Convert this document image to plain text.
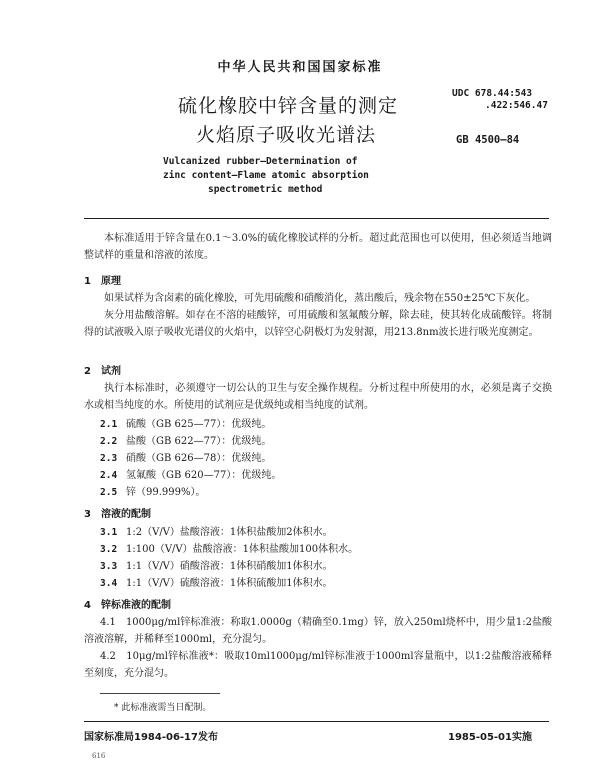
中华人民共和国国家标准
硫化橡胶中锌含量的测定
火焰原子吸收光谱法
UDC 678.44:543
.422:546.47
GB 4500—84
Vulcanized rubber—Determination of
zinc content—Flame atomic absorption
spectrometric method
本标准适用于锌含量在0.1～3.0%的硫化橡胶试样的分析。超过此范围也可以使用，但必须适当地调整试样的重量和溶液的浓度。
1　原理
如果试样为含卤素的硫化橡胶，可先用硫酸和硝酸消化，蒸出酸后，残余物在550±25℃下灰化。
灰分用盐酸溶解。如存在不溶的硅酸锌，可用硫酸和氢氟酸分解，除去硅，使其转化成硫酸锌。将制得的试液吸入原子吸收光谱仪的火焰中，以锌空心阴极灯为发射源，用213.8nm波长进行吸光度测定。
2　试剂
执行本标准时，必须遵守一切公认的卫生与安全操作规程。分析过程中所使用的水，必须是离子交换水或相当纯度的水。所使用的试剂应是优级纯或相当纯度的试剂。
2.1 硫酸（GB 625—77）：优级纯。
2.2 盐酸（GB 622—77）：优级纯。
2.3 硝酸（GB 626—78）：优级纯。
2.4 氢氟酸（GB 620—77）：优级纯。
2.5 锌（99.999%）。
3　溶液的配制
3.1 1:2（V/V）盐酸溶液：1体积盐酸加2体积水。
3.2 1:100（V/V）盐酸溶液：1体积盐酸加100体积水。
3.3 1:1（V/V）硝酸溶液：1体积硝酸加1体积水。
3.4 1:1（V/V）硫酸溶液：1体积硫酸加1体积水。
4　锌标准液的配制
4.1　1000μg/ml锌标准液：称取1.0000g（精确至0.1mg）锌，放入250ml烧杯中，用少量1:2盐酸溶液溶解，并稀释至1000ml，充分混匀。
4.2　10μg/ml锌标准液*：吸取10ml1000μg/ml锌标准液于1000ml容量瓶中，以1:2盐酸溶液稀释至刻度，充分混匀。
* 此标准液需当日配制。
国家标准局1984-06-17发布	1985-05-01实施
616
